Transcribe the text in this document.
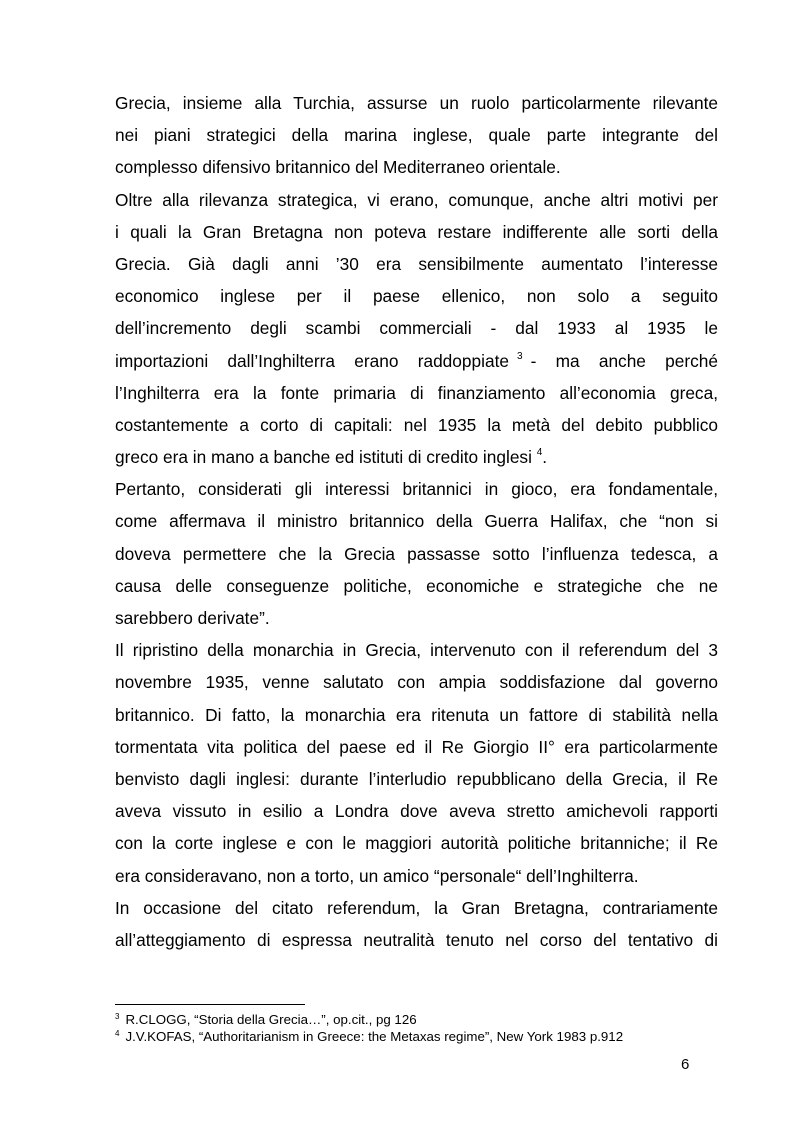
Grecia, insieme alla Turchia, assurse un ruolo particolarmente rilevante
nei piani strategici della marina inglese, quale parte integrante del
complesso difensivo britannico del Mediterraneo orientale.
Oltre alla rilevanza strategica, vi erano, comunque, anche altri motivi per
i quali la Gran Bretagna non poteva restare indifferente alle sorti della
Grecia. Già dagli anni ’30 era sensibilmente aumentato l’interesse
economico inglese per il paese ellenico, non solo a seguito
dell’incremento degli scambi commerciali - dal 1933 al 1935 le
importazioni dall’Inghilterra erano raddoppiate $^3$ - ma anche perché
l’Inghilterra era la fonte primaria di finanziamento all’economia greca,
costantemente a corto di capitali: nel 1935 la metà del debito pubblico
greco era in mano a banche ed istituti di credito inglesi $^4$.
Pertanto, considerati gli interessi britannici in gioco, era fondamentale,
come affermava il ministro britannico della Guerra Halifax, che “non si
doveva permettere che la Grecia passasse sotto l’influenza tedesca, a
causa delle conseguenze politiche, economiche e strategiche che ne
sarebbero derivate”.
Il ripristino della monarchia in Grecia, intervenuto con il referendum del 3
novembre 1935, venne salutato con ampia soddisfazione dal governo
britannico. Di fatto, la monarchia era ritenuta un fattore di stabilità nella
tormentata vita politica del paese ed il Re Giorgio II° era particolarmente
benvisto dagli inglesi: durante l’interludio repubblicano della Grecia, il Re
aveva vissuto in esilio a Londra dove aveva stretto amichevoli rapporti
con la corte inglese e con le maggiori autorità politiche britanniche; il Re
era consideravano, non a torto, un amico “personale“ dell’Inghilterra.
In occasione del citato referendum, la Gran Bretagna, contrariamente
all’atteggiamento di espressa neutralità tenuto nel corso del tentativo di
$^3$ R.CLOGG, “Storia della Grecia…”, op.cit., pg 126
$^4$ J.V.KOFAS, “Authoritarianism in Greece: the Metaxas regime”, New York 1983 p.912
6
